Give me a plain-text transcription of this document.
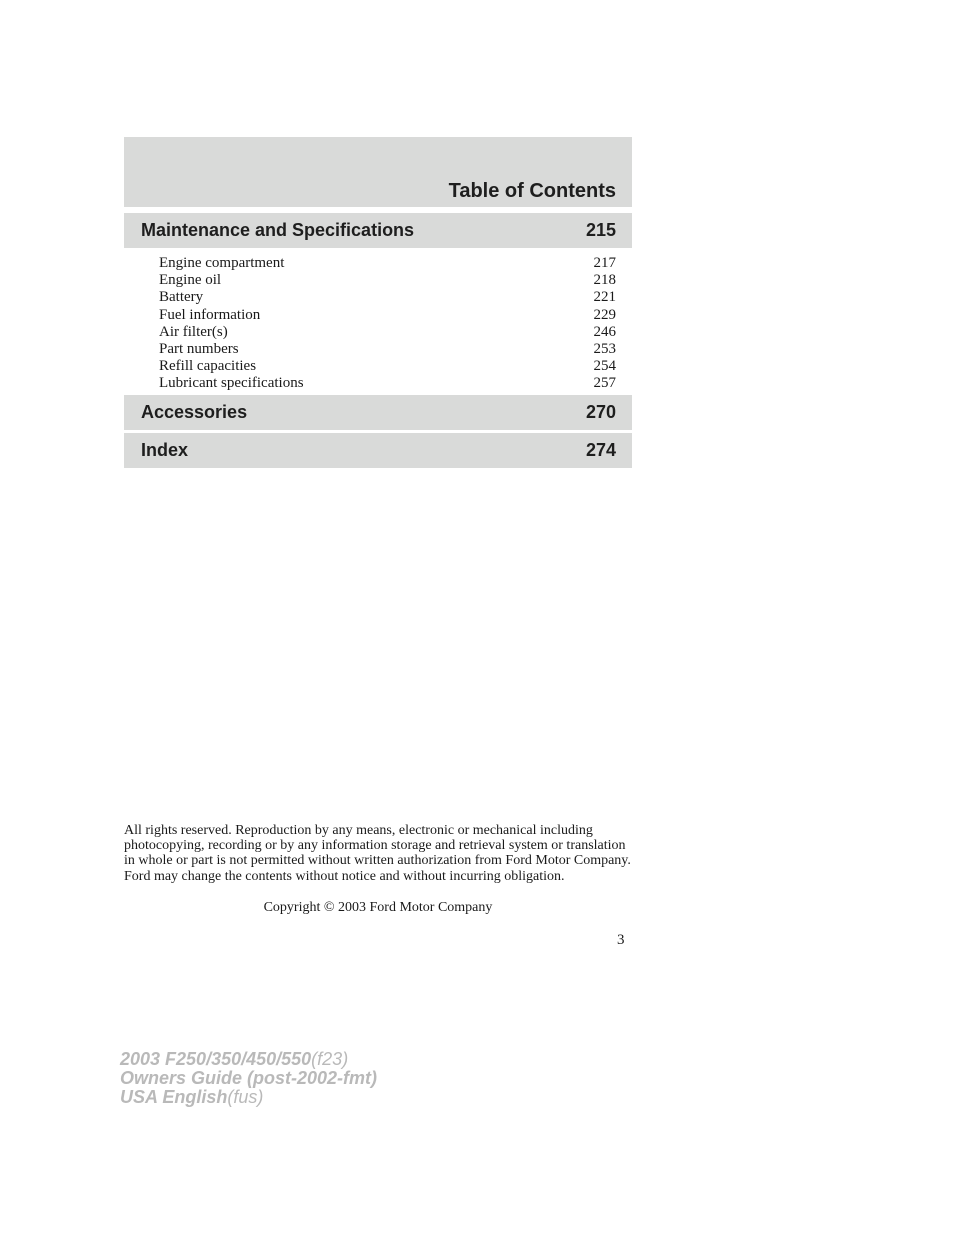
Table of Contents
Maintenance and Specifications	215
Engine compartment	217
Engine oil	218
Battery	221
Fuel information	229
Air filter(s)	246
Part numbers	253
Refill capacities	254
Lubricant specifications	257
Accessories	270
Index	274

All rights reserved. Reproduction by any means, electronic or mechanical including photocopying, recording or by any information storage and retrieval system or translation in whole or part is not permitted without written authorization from Ford Motor Company. Ford may change the contents without notice and without incurring obligation.

Copyright © 2003 Ford Motor Company

3
2003 F250/350/450/550(f23)
Owners Guide (post-2002-fmt)
USA English(fus)
